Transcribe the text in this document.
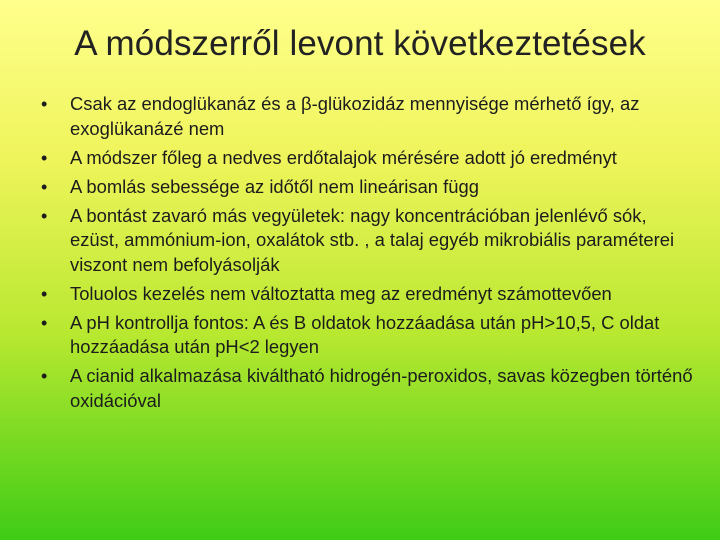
A módszerről levont következtetések
• Csak az endoglükanáz és a β-glükozidáz mennyisége mérhető így, az exoglükanázé nem
• A módszer főleg a nedves erdőtalajok mérésére adott jó eredményt
• A bomlás sebessége az időtől nem lineárisan függ
• A bontást zavaró más vegyületek: nagy koncentrációban jelenlévő sók, ezüst, ammónium-ion, oxalátok stb. , a talaj egyéb mikrobiális paraméterei viszont nem befolyásolják
• Toluolos kezelés nem változtatta meg az eredményt számottevően
• A pH kontrollja fontos: A és B oldatok hozzáadása után pH>10,5, C oldat hozzáadása után pH<2 legyen
• A cianid alkalmazása kiváltható hidrogén-peroxidos, savas közegben történő oxidációval
